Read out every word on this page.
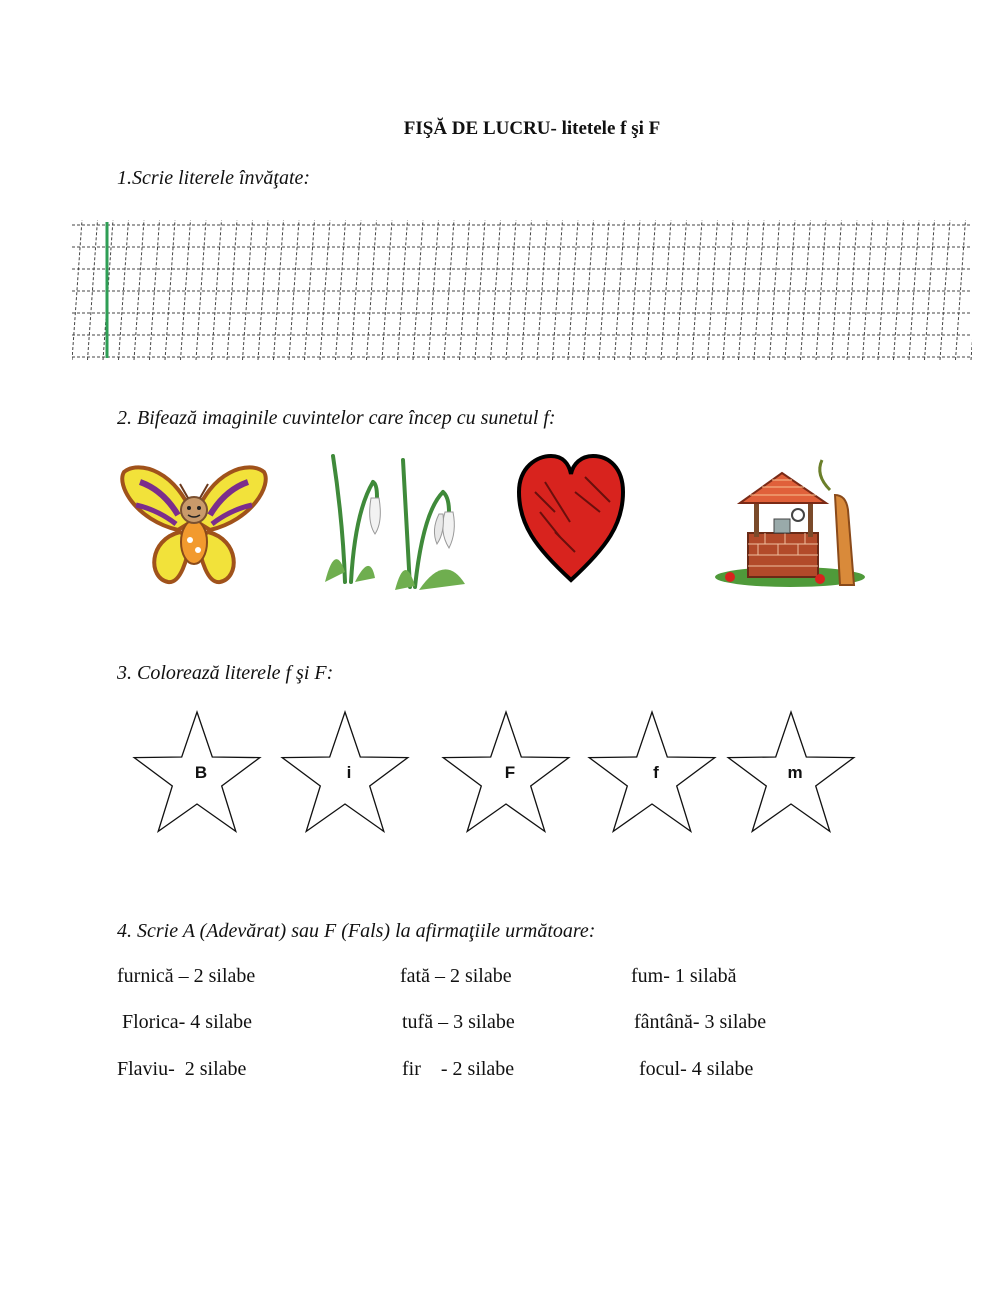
FIŞĂ DE LUCRU- litetele f şi F
1.Scrie literele învăţate:
2. Bifează imaginile cuvintelor care încep cu sunetul f:
3. Colorează literele f şi F:
B	i	F	f	m
4. Scrie A (Adevărat) sau F (Fals) la afirmaţiile următoare:
furnică – 2 silabe	fată – 2 silabe	fum- 1 silabă
Florica- 4 silabe	tufă – 3 silabe	fântână- 3 silabe
Flaviu-  2 silabe	fir    - 2 silabe	focul- 4 silabe
